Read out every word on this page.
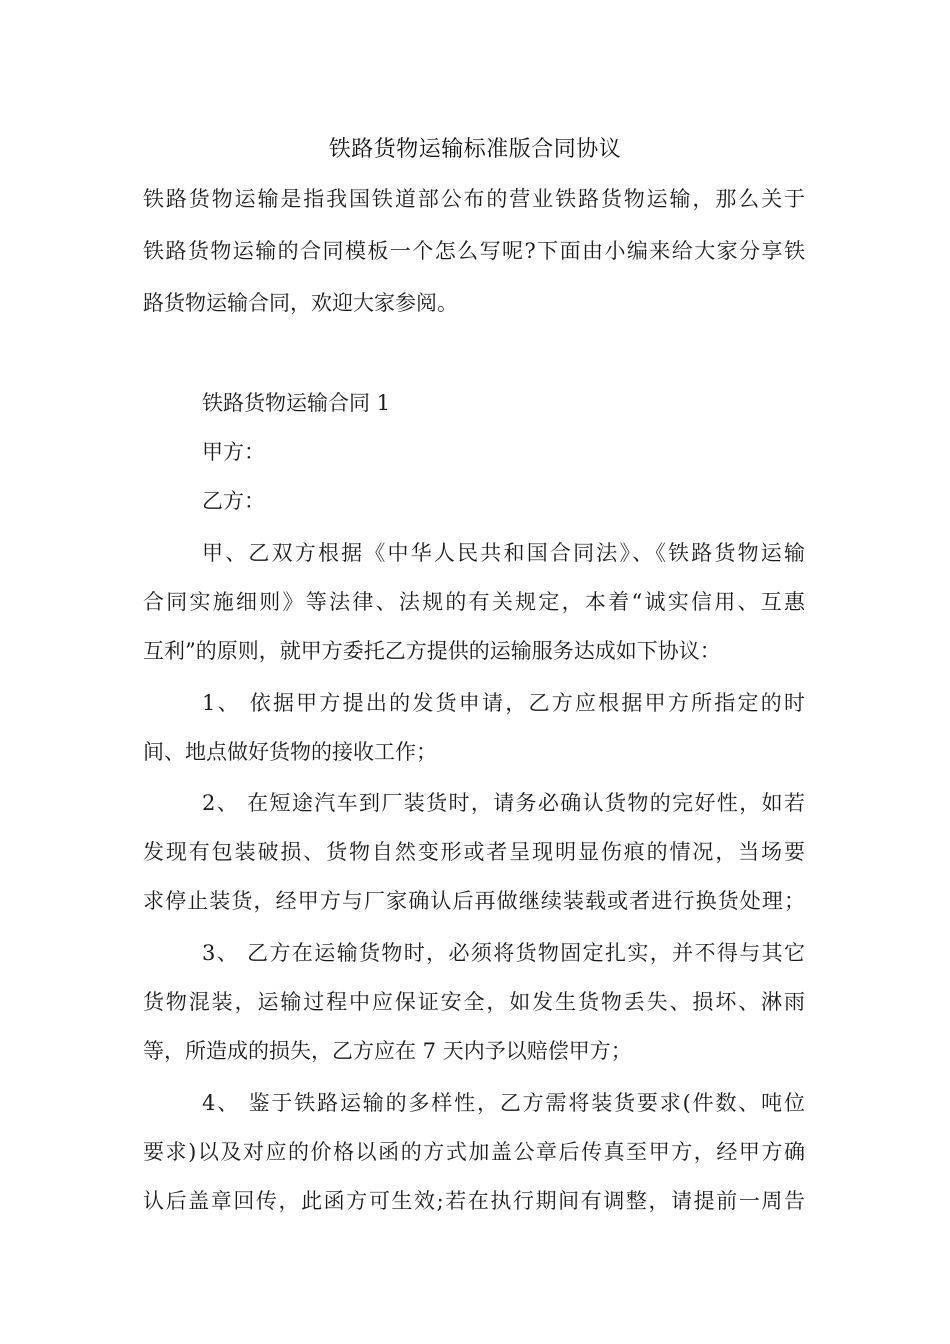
铁路货物运输标准版合同协议
铁路货物运输是指我国铁道部公布的营业铁路货物运输，那么关于
铁路货物运输的合同模板一个怎么写呢?下面由小编来给大家分享铁
路货物运输合同，欢迎大家参阅。
铁路货物运输合同 1
甲方：
乙方：
甲、乙双方根据《中华人民共和国合同法》、《铁路货物运输
合同实施细则》等法律、法规的有关规定，本着“诚实信用、互惠
互利”的原则，就甲方委托乙方提供的运输服务达成如下协议：
1、 依据甲方提出的发货申请，乙方应根据甲方所指定的时
间、地点做好货物的接收工作；
2、 在短途汽车到厂装货时，请务必确认货物的完好性，如若
发现有包装破损、货物自然变形或者呈现明显伤痕的情况，当场要
求停止装货，经甲方与厂家确认后再做继续装载或者进行换货处理；
3、 乙方在运输货物时，必须将货物固定扎实，并不得与其它
货物混装，运输过程中应保证安全，如发生货物丢失、损坏、淋雨
等，所造成的损失，乙方应在 7 天内予以赔偿甲方；
4、 鉴于铁路运输的多样性，乙方需将装货要求(件数、吨位
要求)以及对应的价格以函的方式加盖公章后传真至甲方，经甲方确
认后盖章回传，此函方可生效;若在执行期间有调整，请提前一周告
